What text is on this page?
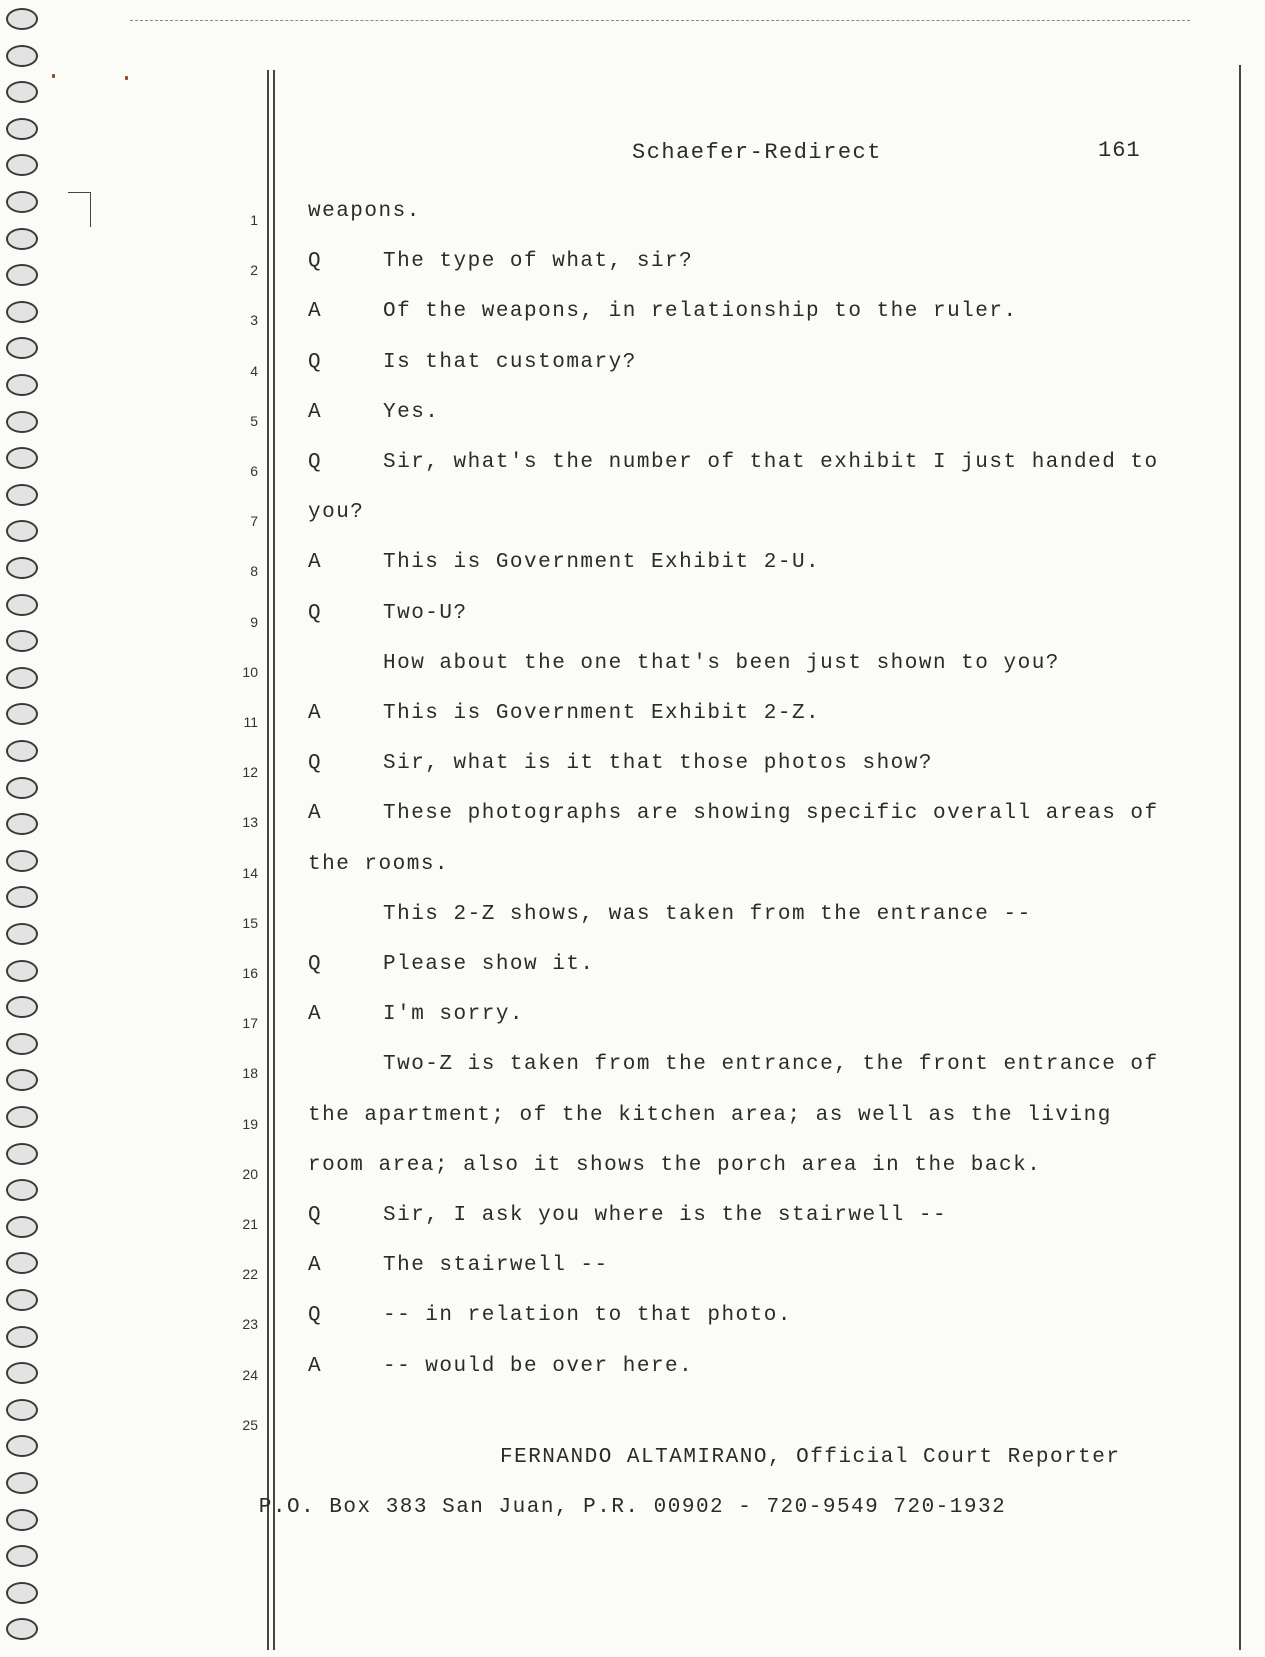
Schaefer-Redirect	161
1 weapons.
2 Q	The type of what, sir?
3 A	Of the weapons, in relationship to the ruler.
4 Q	Is that customary?
5 A	Yes.
6 Q	Sir, what's the number of that exhibit I just handed to
7 you?
8 A	This is Government Exhibit 2-U.
9 Q	Two-U?
10	How about the one that's been just shown to you?
11 A	This is Government Exhibit 2-Z.
12 Q	Sir, what is it that those photos show?
13 A	These photographs are showing specific overall areas of
14 the rooms.
15	This 2-Z shows, was taken from the entrance --
16 Q	Please show it.
17 A	I'm sorry.
18	Two-Z is taken from the entrance, the front entrance of
19 the apartment; of the kitchen area; as well as the living
20 room area; also it shows the porch area in the back.
21 Q	Sir, I ask you where is the stairwell --
22 A	The stairwell --
23 Q	-- in relation to that photo.
24 A	-- would be over here.
25
FERNANDO ALTAMIRANO, Official Court Reporter
P.O. Box 383 San Juan, P.R. 00902 - 720-9549 720-1932
